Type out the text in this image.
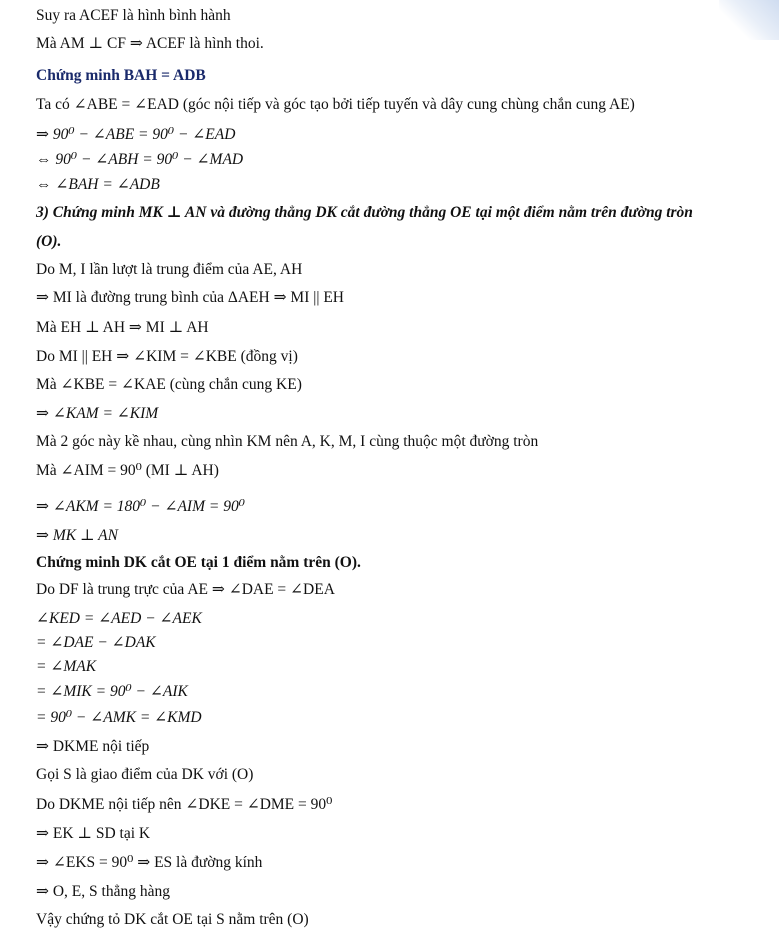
Suy ra ACEF là hình bình hành
Mà AM ⊥ CF ⇒ ACEF là hình thoi.
Chứng minh BAH = ADB
Ta có ∠ABE = ∠EAD (góc nội tiếp và góc tạo bởi tiếp tuyến và dây cung chùng chắn cung AE)
⇒ 90⁰ − ∠ABE = 90⁰ − ∠EAD
⇔ 90⁰ − ∠ABH = 90⁰ − ∠MAD
⇔ ∠BAH = ∠ADB
3) Chứng minh MK ⊥ AN và đường thẳng DK cắt đường thẳng OE tại một điểm nằm trên đường tròn
(O).
Do M, I lần lượt là trung điểm của AE, AH
⇒ MI là đường trung bình của ΔAEH ⇒ MI || EH
Mà EH ⊥ AH ⇒ MI ⊥ AH
Do MI || EH ⇒ ∠KIM = ∠KBE (đồng vị)
Mà ∠KBE = ∠KAE (cùng chắn cung KE)
⇒ ∠KAM = ∠KIM
Mà 2 góc này kề nhau, cùng nhìn KM nên A, K, M, I cùng thuộc một đường tròn
Mà ∠AIM = 90⁰ (MI ⊥ AH)
⇒ ∠AKM = 180⁰ − ∠AIM = 90⁰
⇒ MK ⊥ AN
Chứng minh DK cắt OE tại 1 điểm nằm trên (O).
Do DF là trung trực của AE ⇒ ∠DAE = ∠DEA
∠KED = ∠AED − ∠AEK
= ∠DAE − ∠DAK
= ∠MAK
= ∠MIK = 90⁰ − ∠AIK
= 90⁰ − ∠AMK = ∠KMD
⇒ DKME nội tiếp
Gọi S là giao điểm của DK với (O)
Do DKME nội tiếp nên ∠DKE = ∠DME = 90⁰
⇒ EK ⊥ SD tại K
⇒ ∠EKS = 90⁰ ⇒ ES là đường kính
⇒ O, E, S thẳng hàng
Vậy chứng tỏ DK cắt OE tại S nằm trên (O)
